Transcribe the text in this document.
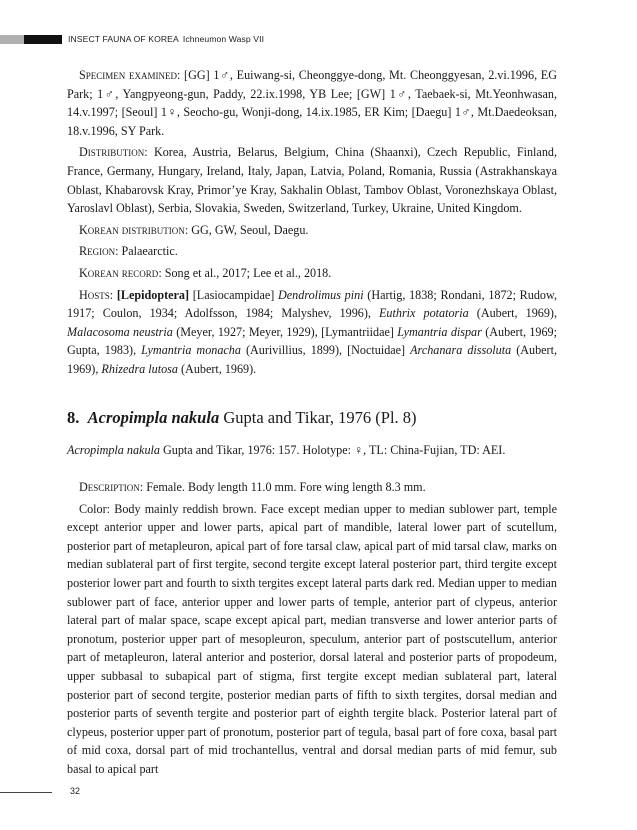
INSECT FAUNA OF KOREA Ichneumon Wasp VII

Specimen examined: [GG] 1♂, Euiwang-si, Cheonggye-dong, Mt. Cheonggyesan, 2.vi.1996, EG Park; 1♂, Yangpyeong-gun, Paddy, 22.ix.1998, YB Lee; [GW] 1♂, Taebaek-si, Mt.Yeonhwasan, 14.v.1997; [Seoul] 1♀, Seocho-gu, Wonji-dong, 14.ix.1985, ER Kim; [Daegu] 1♂, Mt.Daedeoksan, 18.v.1996, SY Park.

Distribution: Korea, Austria, Belarus, Belgium, China (Shaanxi), Czech Republic, Finland, France, Germany, Hungary, Ireland, Italy, Japan, Latvia, Poland, Romania, Russia (Astrakhanskaya Oblast, Khabarovsk Kray, Primor’ye Kray, Sakhalin Oblast, Tambov Oblast, Voronezhskaya Oblast, Yaroslavl Oblast), Serbia, Slovakia, Sweden, Switzerland, Turkey, Ukraine, United Kingdom.

Korean distribution: GG, GW, Seoul, Daegu.

Region: Palaearctic.

Korean record: Song et al., 2017; Lee et al., 2018.

Hosts: [Lepidoptera] [Lasiocampidae] Dendrolimus pini (Hartig, 1838; Rondani, 1872; Rudow, 1917; Coulon, 1934; Adolfsson, 1984; Malyshev, 1996), Euthrix potatoria (Aubert, 1969), Malacosoma neustria (Meyer, 1927; Meyer, 1929), [Lymantriidae] Lymantria dispar (Aubert, 1969; Gupta, 1983), Lymantria monacha (Aurivillius, 1899), [Noctuidae] Archanara dissoluta (Aubert, 1969), Rhizedra lutosa (Aubert, 1969).

8. Acropimpla nakula Gupta and Tikar, 1976 (Pl. 8)

Acropimpla nakula Gupta and Tikar, 1976: 157. Holotype: ♀, TL: China-Fujian, TD: AEI.

Description: Female. Body length 11.0 mm. Fore wing length 8.3 mm.

Color: Body mainly reddish brown. Face except median upper to median sublower part, temple except anterior upper and lower parts, apical part of mandible, lateral lower part of scutellum, posterior part of metapleuron, apical part of fore tarsal claw, apical part of mid tarsal claw, marks on median sublateral part of first tergite, second tergite except lateral posterior part, third tergite except posterior lower part and fourth to sixth tergites except lateral parts dark red. Median upper to median sublower part of face, anterior upper and lower parts of temple, anterior part of clypeus, anterior lateral part of malar space, scape except apical part, median transverse and lower anterior parts of pronotum, posterior upper part of mesopleuron, speculum, anterior part of postscutellum, anterior part of metapleuron, lateral anterior and posterior, dorsal lateral and posterior parts of propodeum, upper subbasal to subapical part of stigma, first tergite except median sublateral part, lateral posterior part of second tergite, posterior median parts of fifth to sixth tergites, dorsal median and posterior parts of seventh tergite and posterior part of eighth tergite black. Posterior lateral part of clypeus, posterior upper part of pronotum, posterior part of tegula, basal part of fore coxa, basal part of mid coxa, dorsal part of mid trochantellus, ventral and dorsal median parts of mid femur, sub basal to apical part

32
